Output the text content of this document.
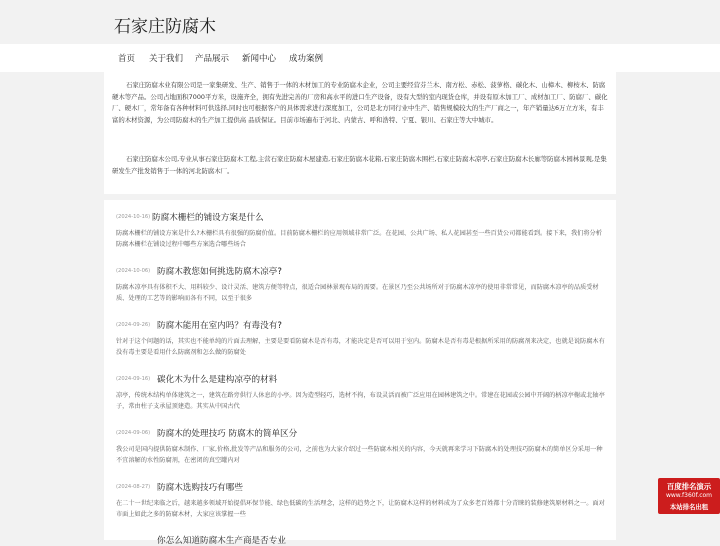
石家庄防腐木
首页 关于我们 产品展示 新闻中心 成功案例

石家庄防腐木业有限公司是一家集研发、生产、销售于一体的木材加工的专业防腐木企业，公司主要经营芬兰木、南方松、赤松、菠萝格、碳化木、山樟木、柳桉木、防腐硬木等产品。公司占地面积7000平方米，设施齐全，拥有先进完善的厂房和高水平的进口生产设备，设有大型的室内现货仓库，并设有原木加工厂、成材加工厂、防腐厂、碳化厂、硬木厂，常年备有各种材料可供选择,同时也可根据客户的具体需求进行深度加工，公司是北方同行业中生产、销售规模较大的生产厂商之一，年产销量达6万立方米，有丰富的木材资源，为公司防腐木的生产加工提供高 品质保证。目前市场遍布于河北、内蒙古、呼和浩特、宁夏、银川、石家庄等大中城市。

石家庄防腐木公司,专业从事石家庄防腐木工程,主营石家庄防腐木屋建造,石家庄防腐木花箱,石家庄防腐木围栏,石家庄防腐木凉亭,石家庄防腐木长廊等防腐木园林景观,是集研发生产批发销售于一体的河北防腐木厂。

(2024-10-16) 防腐木栅栏的铺设方案是什么

防腐木栅栏的铺设方案是什么?木栅栏具有很强的防腐价值。目前防腐木栅栏的应用领域非常广泛。在花园、公共广场、私人花园甚至一些百货公司都能看到。接下来，我们将分析防腐木栅栏在铺设过程中哪些方案选合哪些场合

(2024-10-06) 防腐木教您如何挑选防腐木凉亭?

防腐木凉亭具有体积不大、用料较少、设计灵活、建筑方便等特点，很适合园林景观布局的需要。在景区乃至公共场所对于防腐木凉亭的使用非常常见，而防腐木凉亭的品质受材质、处理的工艺等的影响而各有不同，以至于很多

(2024-09-26) 防腐木能用在室内吗？有毒没有?

针对于这个问题的话，其实也不能单纯的片面去理解，主要是要看防腐木是否有毒，才能决定是否可以用于室内。防腐木是否有毒是根据所采用的防腐剂来决定，也就是说防腐木有没有毒主要是看用什么防腐剂和怎么做的防腐处

(2024-09-16) 碳化木为什么是建构凉亭的材料

凉亭，传统木结构单体建筑之一，建筑在路旁供行人休息的小亭。因为造型轻巧，选材不拘，布设灵活而被广泛应用在园林建筑之中。常建在花园或公园中开阔的柄凉亭榭或北轴亭子，常由柱子支承屋顶建造。其实从中国古代

(2024-09-06) 防腐木的处理技巧 防腐木的简单区分

我公司是国内提供防腐木制作、厂家,价格,批发等产品和服务的公司，之前也为大家介绍过一些防腐木相关的内容，今天就再来学习下防腐木的处理技巧防腐木的简单区分采用一种不宜溶解的水性防腐剂，在密闭的真空罐内对

(2024-08-27) 防腐木选购技巧有哪些

在二十一世纪来临之后，越来越多领域开始提倡环保节能、绿色低碳的生活理念，这样的趋势之下，让防腐木这样的材料成为了众多老百姓都十分青睐的装修建筑原材料之一。面对市面上如此之多的防腐木材，大家应该掌握一些

你怎么知道防腐木生产商是否专业

百度排名演示
www.f360f.com
本站排名出租
